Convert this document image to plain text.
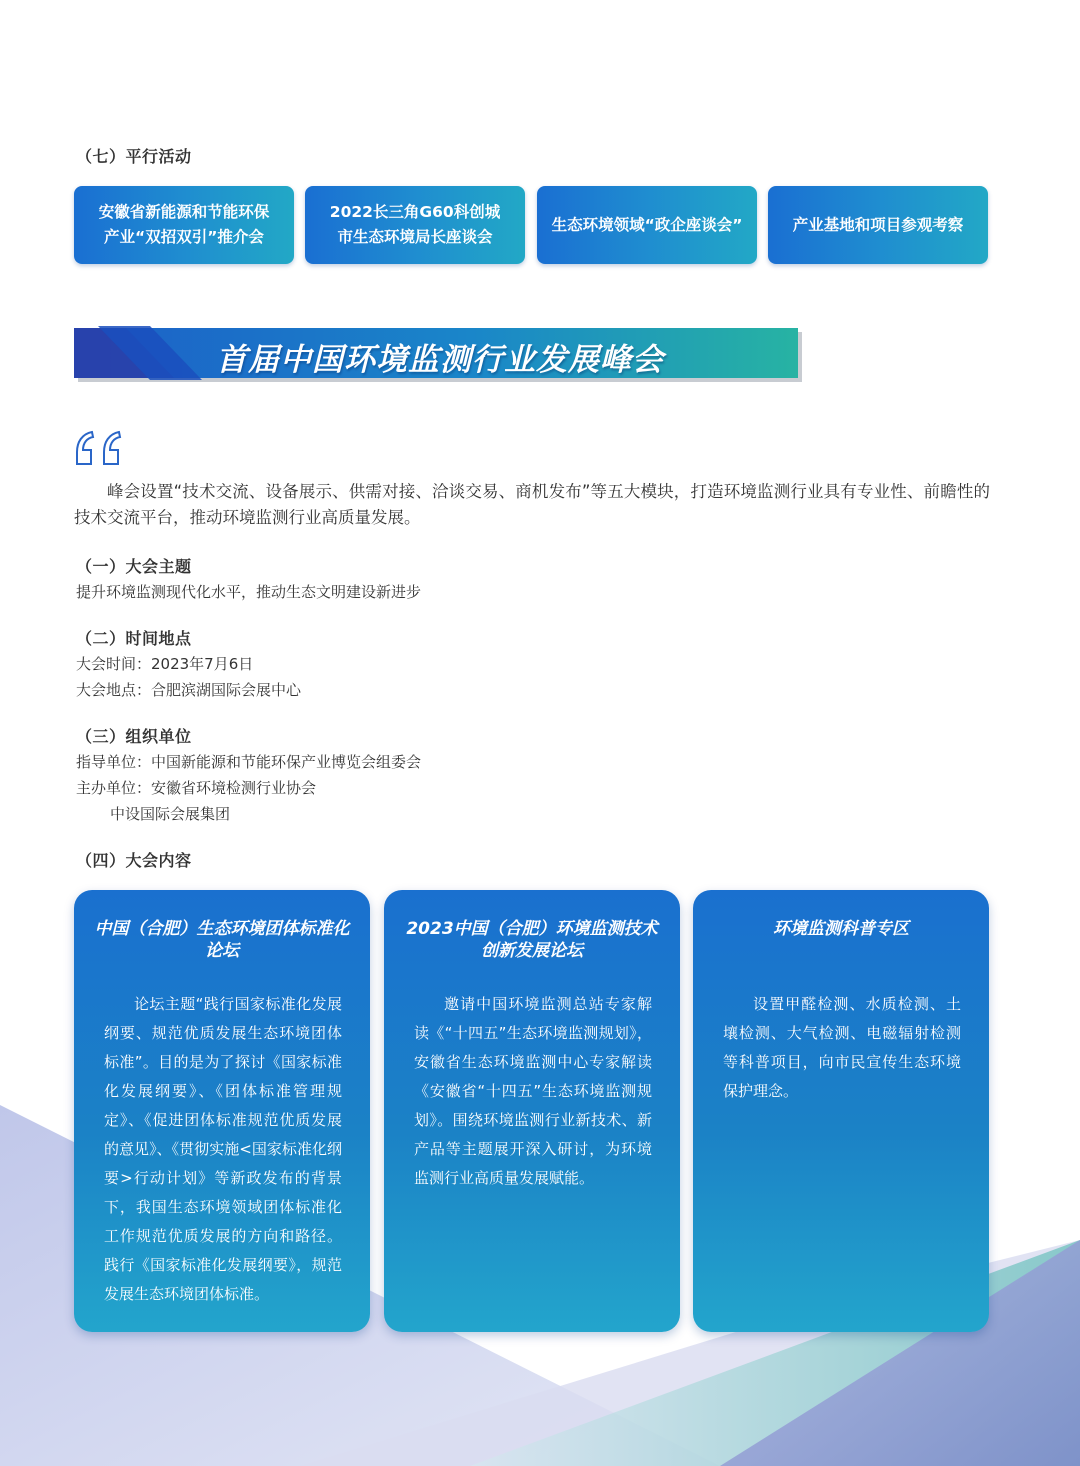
（七）平行活动
安徽省新能源和节能环保
产业“双招双引”推介会
2022长三角G60科创城
市生态环境局长座谈会
生态环境领域“政企座谈会”	产业基地和项目参观考察
首届中国环境监测行业发展峰会

峰会设置“技术交流、设备展示、供需对接、洽谈交易、商机发布”等五大模块，打造环境监测行业具有专业性、前瞻性的技术交流平台，推动环境监测行业高质量发展。

（一）大会主题

提升环境监测现代化水平，推动生态文明建设新进步

（二）时间地点

大会时间：2023年7月6日

大会地点：合肥滨湖国际会展中心

（三）组织单位

指导单位：中国新能源和节能环保产业博览会组委会

主办单位：安徽省环境检测行业协会

中设国际会展集团

（四）大会内容
中国（合肥）生态环境团体标准化论坛

论坛主题“践行国家标准化发展纲要、规范优质发展生态环境团体标准”。目的是为了探讨《国家标准化发展纲要》、《团体标准管理规定》、《促进团体标准规范优质发展的意见》、《贯彻实施<国家标准化纲要>行动计划》等新政发布的背景下，我国生态环境领域团体标准化工作规范优质发展的方向和路径。践行《国家标准化发展纲要》，规范发展生态环境团体标准。

2023中国（合肥）环境监测技术创新发展论坛

邀请中国环境监测总站专家解读《“十四五”生态环境监测规划》，安徽省生态环境监测中心专家解读《安徽省“十四五”生态环境监测规划》。围绕环境监测行业新技术、新产品等主题展开深入研讨，为环境监测行业高质量发展赋能。

环境监测科普专区

设置甲醛检测、水质检测、土壤检测、大气检测、电磁辐射检测等科普项目，向市民宣传生态环境保护理念。
